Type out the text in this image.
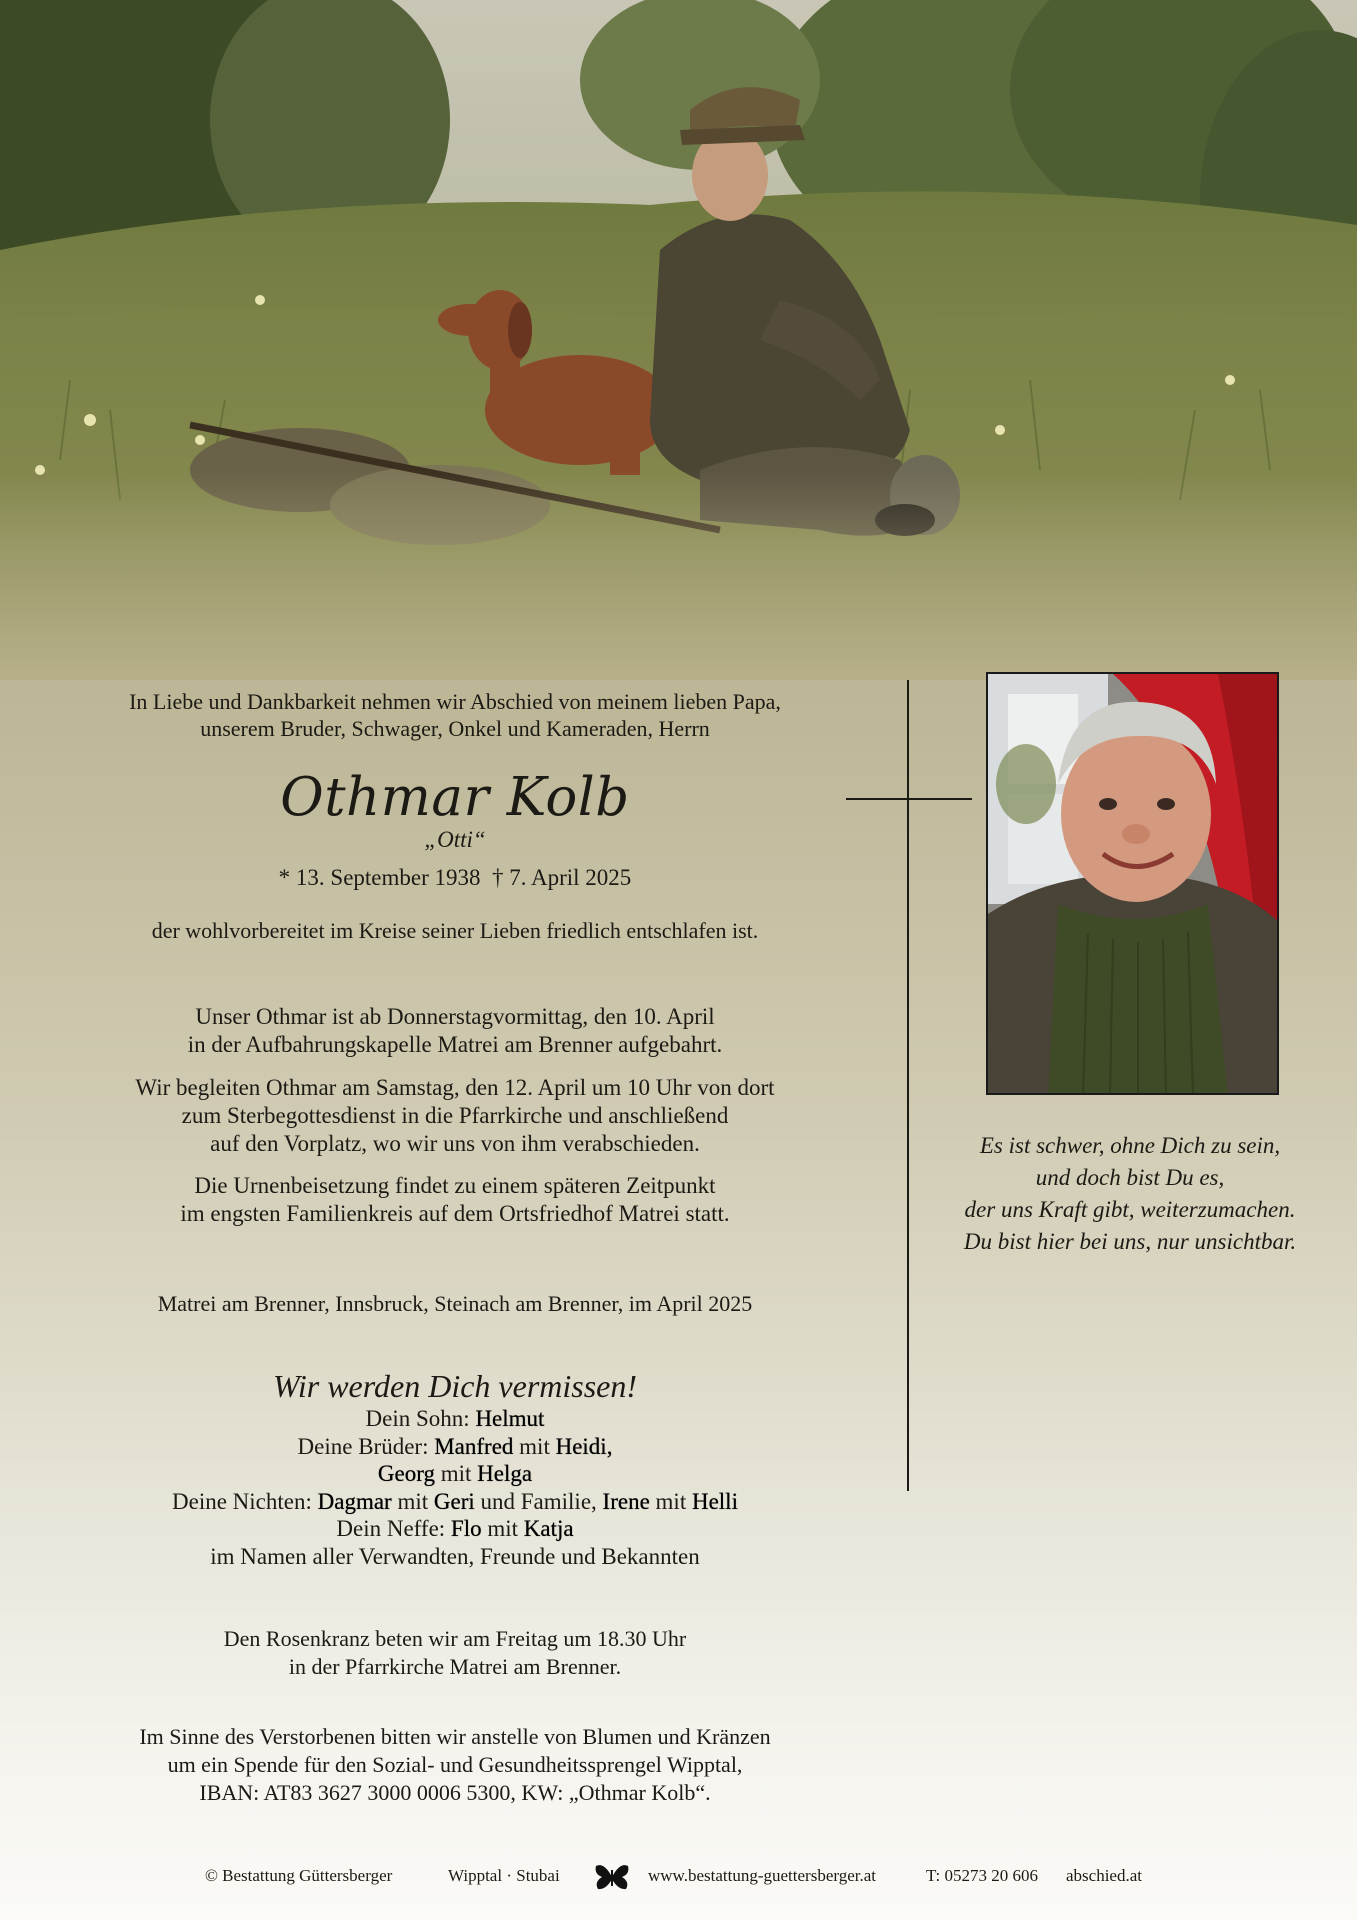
In Liebe und Dankbarkeit nehmen wir Abschied von meinem lieben Papa,
unserem Bruder, Schwager, Onkel und Kameraden, Herrn
Othmar Kolb
„Otti“
* 13. September 1938  † 7. April 2025
der wohlvorbereitet im Kreise seiner Lieben friedlich entschlafen ist.
Unser Othmar ist ab Donnerstagvormittag, den 10. April
in der Aufbahrungskapelle Matrei am Brenner aufgebahrt.
Wir begleiten Othmar am Samstag, den 12. April um 10 Uhr von dort
zum Sterbegottesdienst in die Pfarrkirche und anschließend
auf den Vorplatz, wo wir uns von ihm verabschieden.
Die Urnenbeisetzung findet zu einem späteren Zeitpunkt
im engsten Familienkreis auf dem Ortsfriedhof Matrei statt.
Matrei am Brenner, Innsbruck, Steinach am Brenner, im April 2025
Wir werden Dich vermissen!
Dein Sohn: Helmut
Deine Brüder: Manfred mit Heidi,
Georg mit Helga
Deine Nichten: Dagmar mit Geri und Familie, Irene mit Helli
Dein Neffe: Flo mit Katja
im Namen aller Verwandten, Freunde und Bekannten
Den Rosenkranz beten wir am Freitag um 18.30 Uhr
in der Pfarrkirche Matrei am Brenner.
Im Sinne des Verstorbenen bitten wir anstelle von Blumen und Kränzen
um ein Spende für den Sozial- und Gesundheitssprengel Wipptal,
IBAN: AT83 3627 3000 0006 5300, KW: „Othmar Kolb“.
Es ist schwer, ohne Dich zu sein,
und doch bist Du es,
der uns Kraft gibt, weiterzumachen.
Du bist hier bei uns, nur unsichtbar.
© Bestattung Güttersberger	Wipptal · Stubai	www.bestattung-guettersberger.at	T: 05273 20 606 abschied.at
